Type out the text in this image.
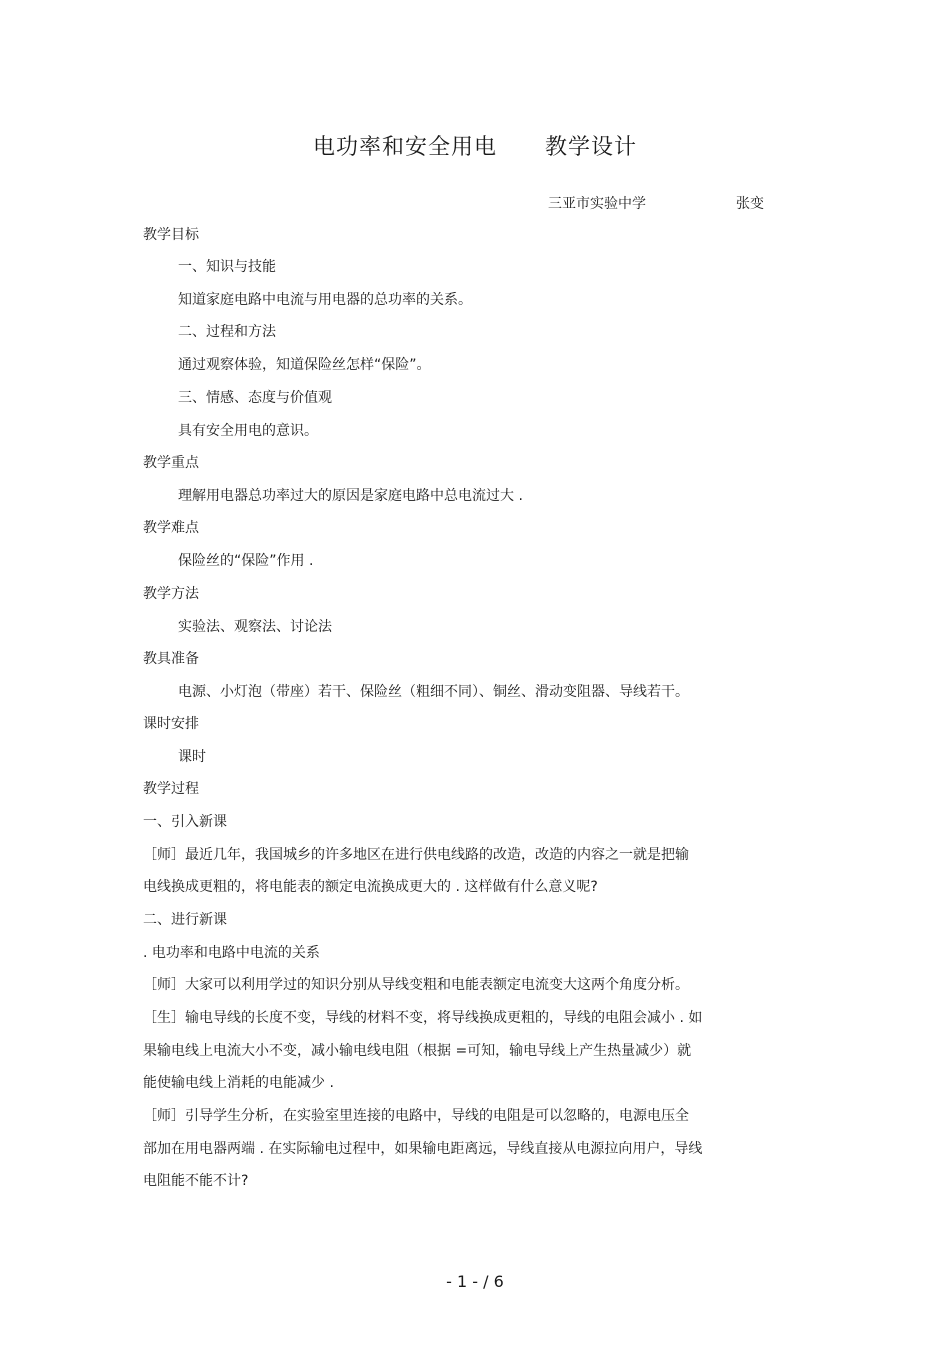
电功率和安全用电 教学设计
三亚市实验中学	张变
教学目标
一、知识与技能
知道家庭电路中电流与用电器的总功率的关系。
二、过程和方法
通过观察体验，知道保险丝怎样“保险”。
三、情感、态度与价值观
具有安全用电的意识。
教学重点
理解用电器总功率过大的原因是家庭电路中总电流过大 .
教学难点
保险丝的“保险”作用 .
教学方法
实验法、观察法、讨论法
教具准备
电源、小灯泡（带座）若干、保险丝（粗细不同）、铜丝、滑动变阻器、导线若干。
课时安排
课时
教学过程
一、引入新课
［师］最近几年，我国城乡的许多地区在进行供电线路的改造，改造的内容之一就是把输
电线换成更粗的，将电能表的额定电流换成更大的 . 这样做有什么意义呢?
二、进行新课
. 电功率和电路中电流的关系
［师］大家可以利用学过的知识分别从导线变粗和电能表额定电流变大这两个角度分析。
［生］输电导线的长度不变，导线的材料不变，将导线换成更粗的，导线的电阻会减小 . 如
果输电线上电流大小不变，减小输电线电阻（根据 =可知，输电导线上产生热量减少）就
能使输电线上消耗的电能减少 .
［师］引导学生分析，在实验室里连接的电路中，导线的电阻是可以忽略的，电源电压全
部加在用电器两端 . 在实际输电过程中，如果输电距离远，导线直接从电源拉向用户，导线
电阻能不能不计?
- 1 - / 6
